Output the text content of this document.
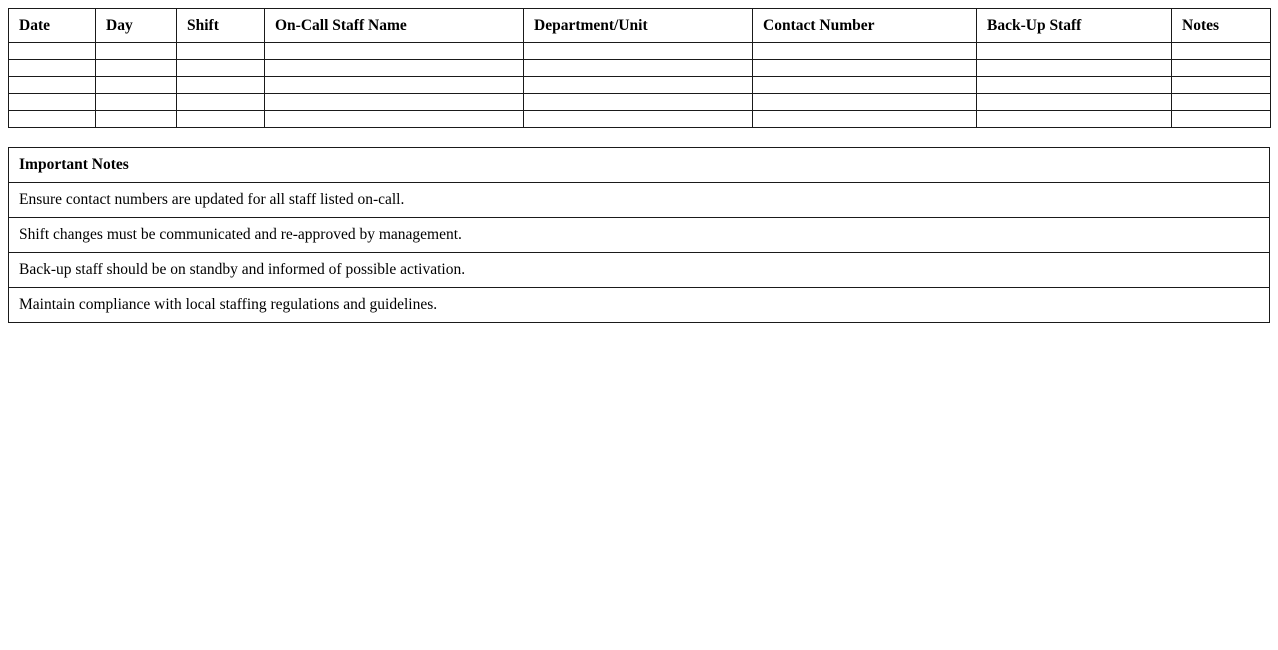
Date	Day	Shift	On-Call Staff Name	Department/Unit	Contact Number	Back-Up Staff	Notes

Important Notes
Ensure contact numbers are updated for all staff listed on-call.
Shift changes must be communicated and re-approved by management.
Back-up staff should be on standby and informed of possible activation.
Maintain compliance with local staffing regulations and guidelines.
